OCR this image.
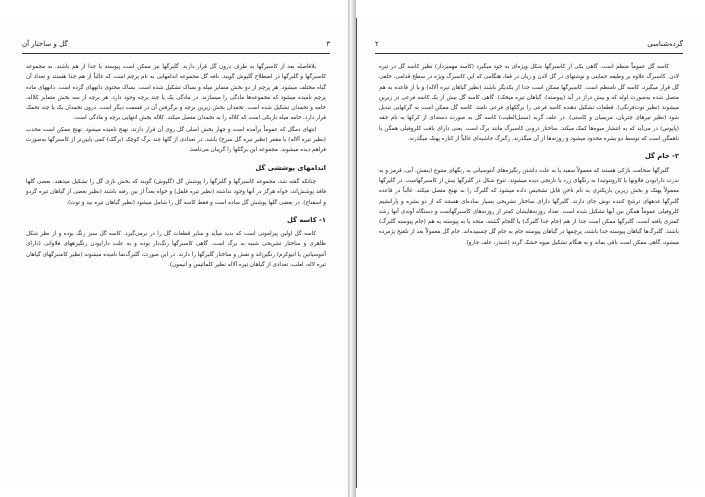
۳
گل و ساختار آن

بلافاصله بعد از کاسبرگها به طرف درون گل قرار دارند. گلبرگها نیز ممکن است پیوسته یا جدا از هم باشند. به مجموعه کاسبرگها و گلبرگها در اصطلاح گلپوش گویند. نافه گل مجموعه اندامهایی به نام پرچم است که غالباً از هم جدا هستند و تعداد آن گیاه مختلف میشود. هر پرچم از دو بخش متمایز میله و بساک تشکیل شده است. بساک محتوی دانههای گرده است. دانههای ماده پرچم نامیده میشود که مجموعه‌ها مادگی را میسازند. در مادگی یک یا چند برچه وجود دارد. هر برچه از سه بخش متمایز کلاله، خامه و تخمدان تشکیل شده است. تخمدان بخش زیرین برچه و برگرفتن آن در قسمت دیگر است. درون تخمدان یک یا چند تخمک قرار دارد. خامه میله باریکی است که کلاله را به تخمدان متصل میکند. کلاله بخش انتهایی برچه و مادگی است.

انتهای دمگل که عموماً برآمده است و چهار بخش اصلی گل روی آن قرار دارند، نهنج نامیده میشود. نهنج ممکن است محدب (نظیر تیره آلاله) یا مقعر (نظیر تیره گل سرخ) باشد. در تعدادی از گلها چند برگ کوچک (برگک) کمی پایین‌تر از کاسبرگها به‌صورت فراهم دیده میشوند. مجموعه این برگکها را گریبان می‌نامند.

اندامهای پوششی گل

چنانکه گفته شد، مجموعه کاسبرگها و گلبرگها را پوشش گل (گلپوش) گویند که بخش نازی گل را تشکیل میدهند. بعضی گلها فاقد پوشش‌اند، خواه هرگز در آنها وجود نداشته (نظیر تیره فلفل) و خواه بعداً از بین رفته باشند (نظیر بعضی از گیاهان تیره گردو و اسفناج). در بعضی گلها پوشش گل ساده است و فقط کاسه گل را شامل میشود (نظیر گیاهان تیره بید و توت).

۱- کاسه گل

کاسه گل اولین پیرامونی است که بدید میآید و سایر قطعات گل را در برمی‌گیرد. کاسه گل سبز رنگ بوده و از نظر شکل ظاهری و ساختار تشریحی شبیه به برگ است. گاهی کاسبرگها رنگ‌دار بوده و به علت داراپودن رنگیزههای فلاوانی (دارای آنتوسیانین یا انیوکرم) رنگین‌اند و نقش و ساختار گلبرگها را دارند. در این صورت، گلبرگ‌نما نامیده میشوند (نظیر کاسبرگهای گیاهان تیره لاله، لعلب، تعدادی از گیاهان تیره آلاله نظیر کلماتیس و انیمون).

گرده‌شناسی
۲

کاسه گل عموماً منظم است. گاهی یکی از کاسبرگها شکل ویژه‌ای به خود میگیرد (کاسه مهمیزدار) نظیر کاسه گل در تیره لادن. کاسبرگ علاوه بر وظیفه حمایتی و نوشتهای در گل لادن و زبان در قفا، هنگامی که این کاسبرگ ویژه در سطح قدامی، خلفی گل قرار میگیرد، کاسه گل نامنظم است. کاسبرگها ممکن است جدا از یکدیگر باشند (نظیر گیاهان تیره آلاله) و یا از قاعده به هم متصل شده به‌صورت لوله که و بیش دراز در آید (پیوسته). گیاهان تیره میخک). گاهی کاسه گل بیش از یک کاسه فرعی در زیرین میشوند (نظیر توت‌فرنگی). قطعات تشکیل دهنده کاسه فرعی را برگکهای فرعی نامند. کاسه گل ممکن است به گرکهایی تبدیل شود (نظیر تیرهای چتریان، مریمیان و کاسنی). در علف گربه (سنبل‌الطیب) کاسه گل به صورت دسته‌ای از کرکها به نام جقه (پاپوس) در می‌آید که به انتشار میوه‌ها کمک میکند. ساختار درونی کاسبرگ مانند برگ است. یعنی دارای بافت کلروفیلی همگن یا ناهمگن است که توسط دو بشره محدود میشود و روزنه‌ها از آن میگذرند. رگبرگ حاشیه‌ای غالباً از کناره پهنک میگذرند.

۲- جام گل

گلبرگها ضخامت نازکی هستند که معمولاً سفید یا به علت داشتن رنگیزه‌های آنتوسیانی به رنگهای متنوع (بنفش، آبی، قرمز و به ندرت دارابودن فلاونها یا کاروتنوئید) به رنگهای زرد یا نارنجی دیده میشوند. تنوع شکل در گلبرگها بیش از کاسبرگهاست. در گلبرگها معمولاً پهنک و بخش زیرین باریکتری به نام ناخن قابل تشخیص داده میشود که گلبرگ را به نهنج متصل میکند. غالباً در قاعده گلبرگها غدههای ترشح کننده نوش جای دارند. گلبرگها دارای ساختار تشریحی بسیار ساده‌ای هستند که از دو بشره و پارانشیم کلروفیلی عموماً همگن بین آنها تشکیل شده است. تعداد روزنه‌هایشان کمتر از روزنه‌های کاسبرگهاست و دستگاه آوندی آنها رشد کمتری یافته است. گلبرگها ممکن است جدا از هم (جام جدا گلبرگ) یا گلجام گشته، متحد یا به پیوسته به هم (جام پیوسته گلبرگ) باشند. گلبرگ‌ها گیاهان پیوسته جدا باشند، پرچمها در گیاهان پیوسته جام به جام گل چسبیده‌اند. جام گل معمولاً بعد از تلقیح پژمرده میشود، گاهی ممکن است باقی بماند و به هنگام تشکیل میوه خشک گردد (شبدر، علف جارو).
